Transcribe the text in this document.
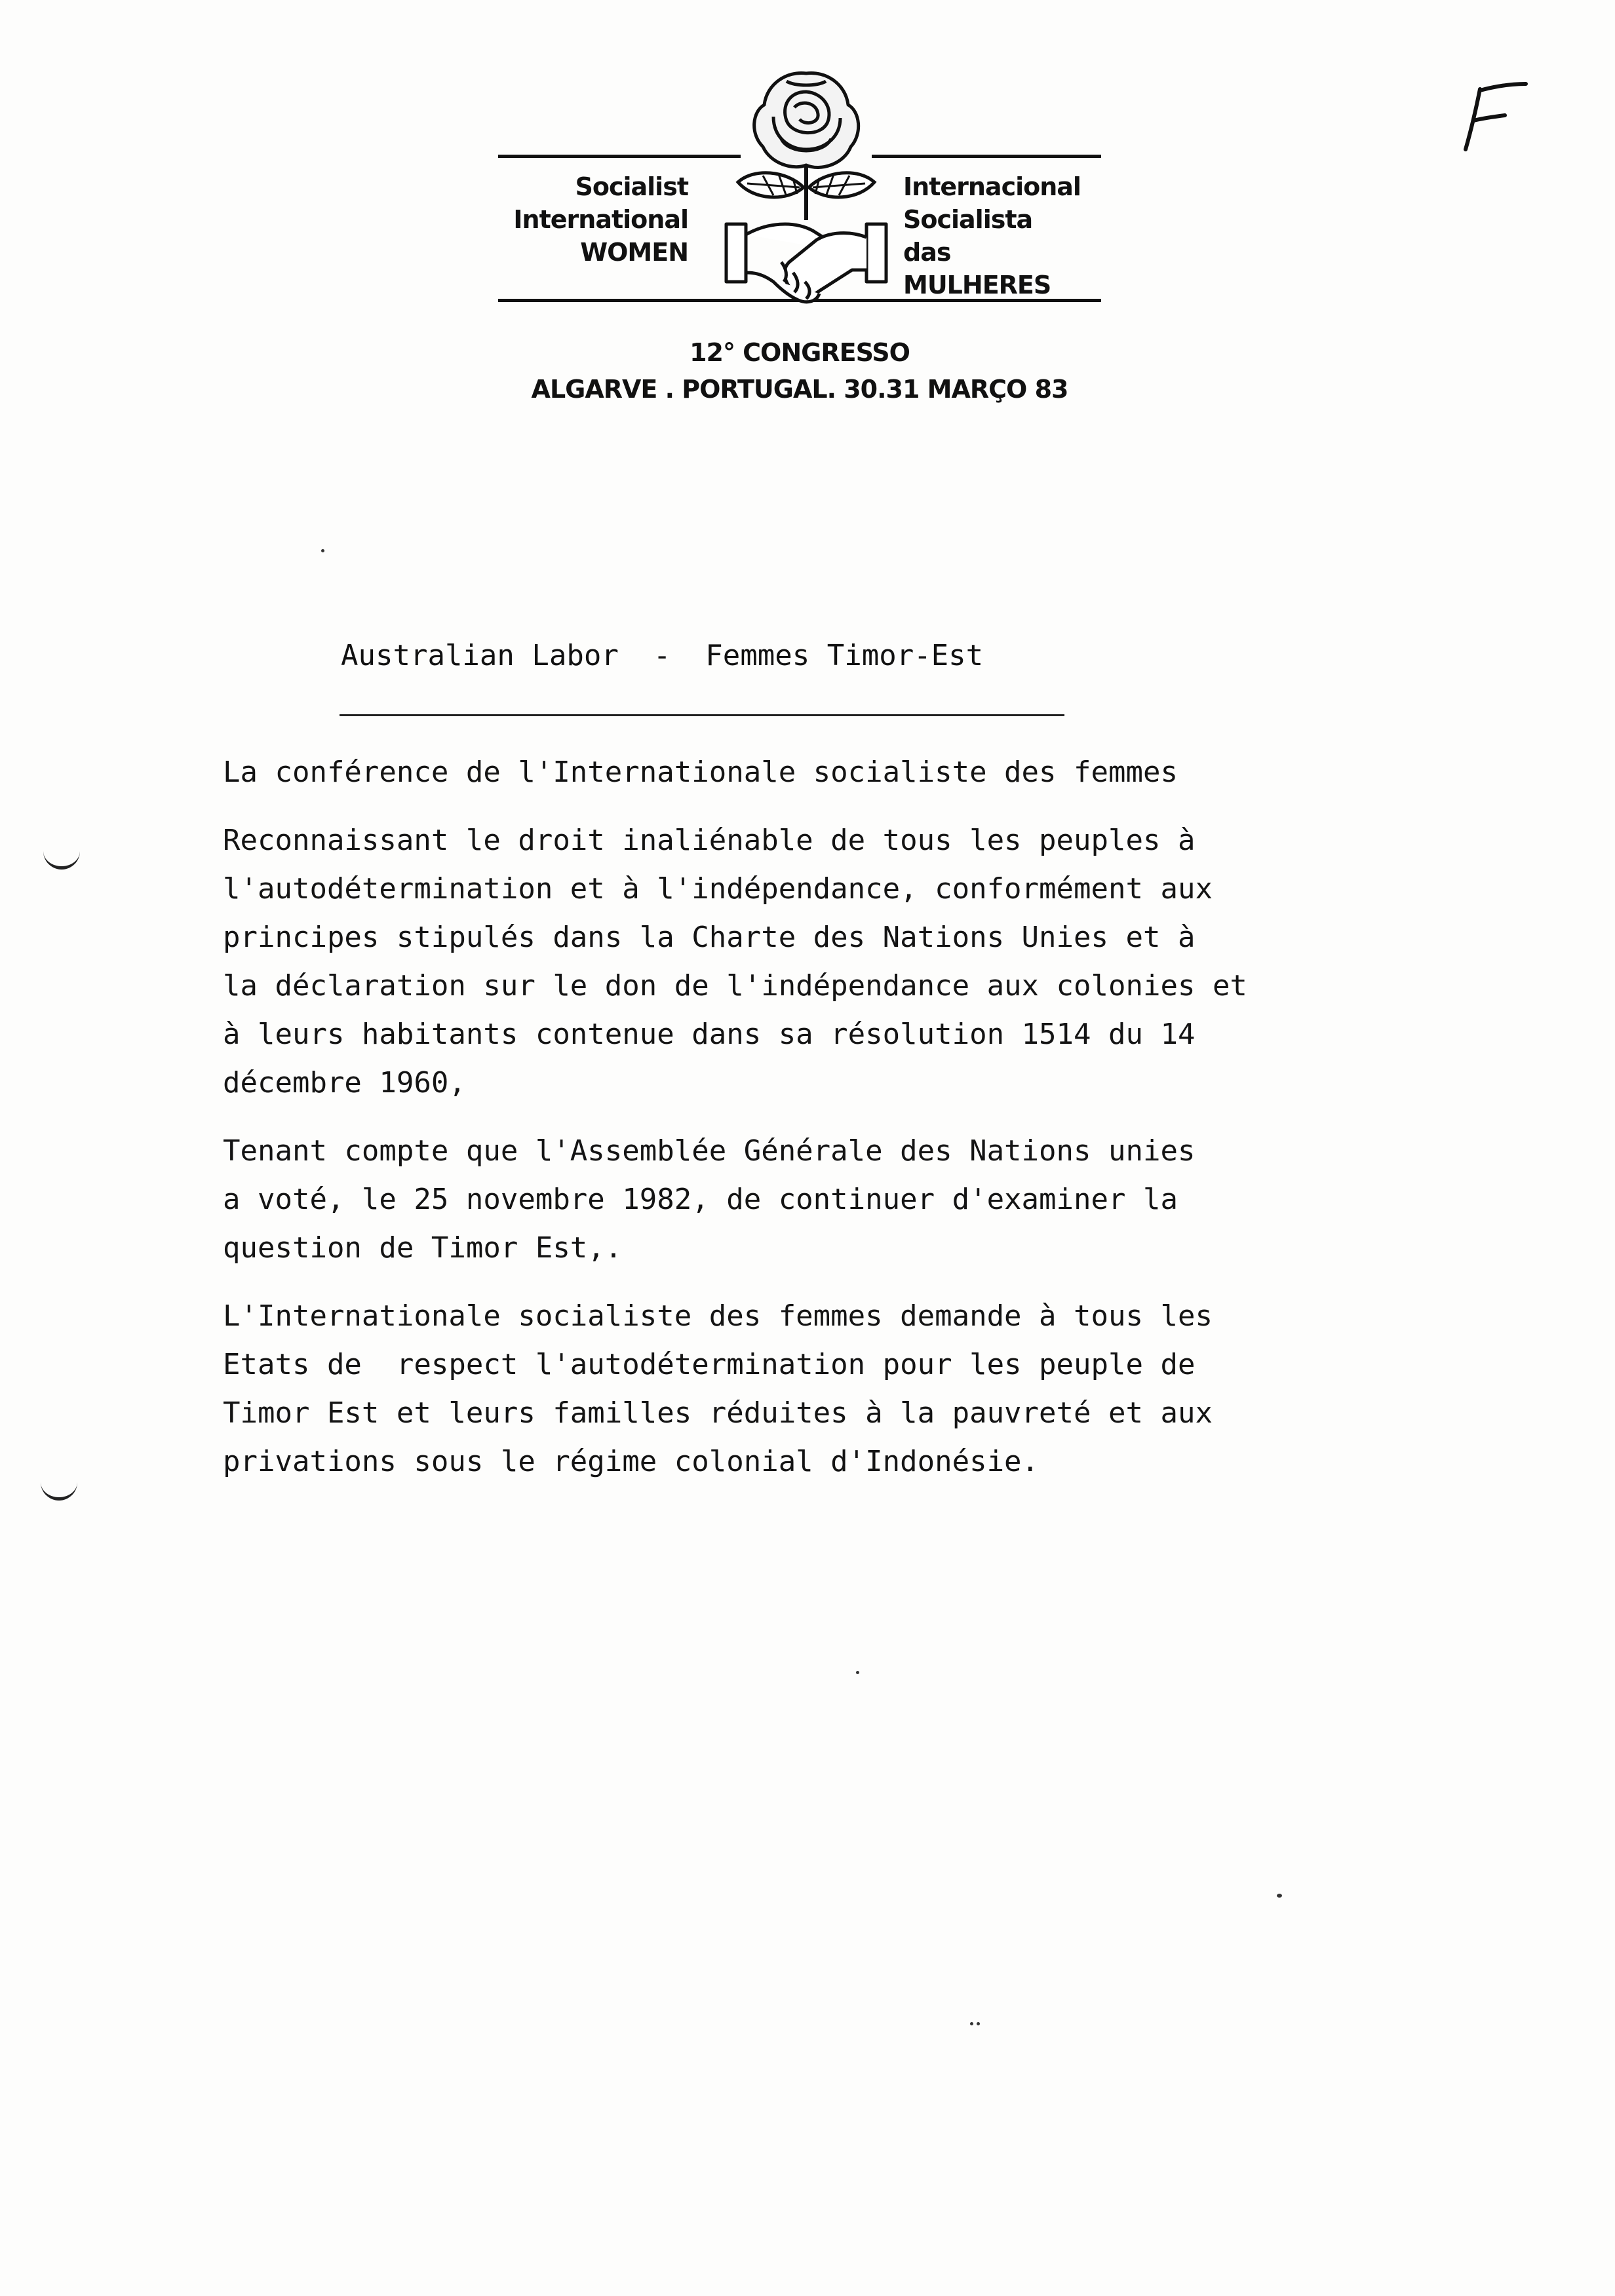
Socialist
International
WOMEN
Internacional
Socialista
das MULHERES
12° CONGRESSO
ALGARVE . PORTUGAL. 30.31 MARÇO 83
Australian Labor  -  Femmes Timor-Est

La conférence de l'Internationale socialiste des femmes

Reconnaissant le droit inaliénable de tous les peuples à
l'autodétermination et à l'indépendance, conformément aux
principes stipulés dans la Charte des Nations Unies et à
la déclaration sur le don de l'indépendance aux colonies et
à leurs habitants contenue dans sa résolution 1514 du 14
décembre 1960,

Tenant compte que l'Assemblée Générale des Nations unies
a voté, le 25 novembre 1982, de continuer d'examiner la
question de Timor Est,.

L'Internationale socialiste des femmes demande à tous les
Etats de  respect l'autodétermination pour les peuple de
Timor Est et leurs familles réduites à la pauvreté et aux
privations sous le régime colonial d'Indonésie.
